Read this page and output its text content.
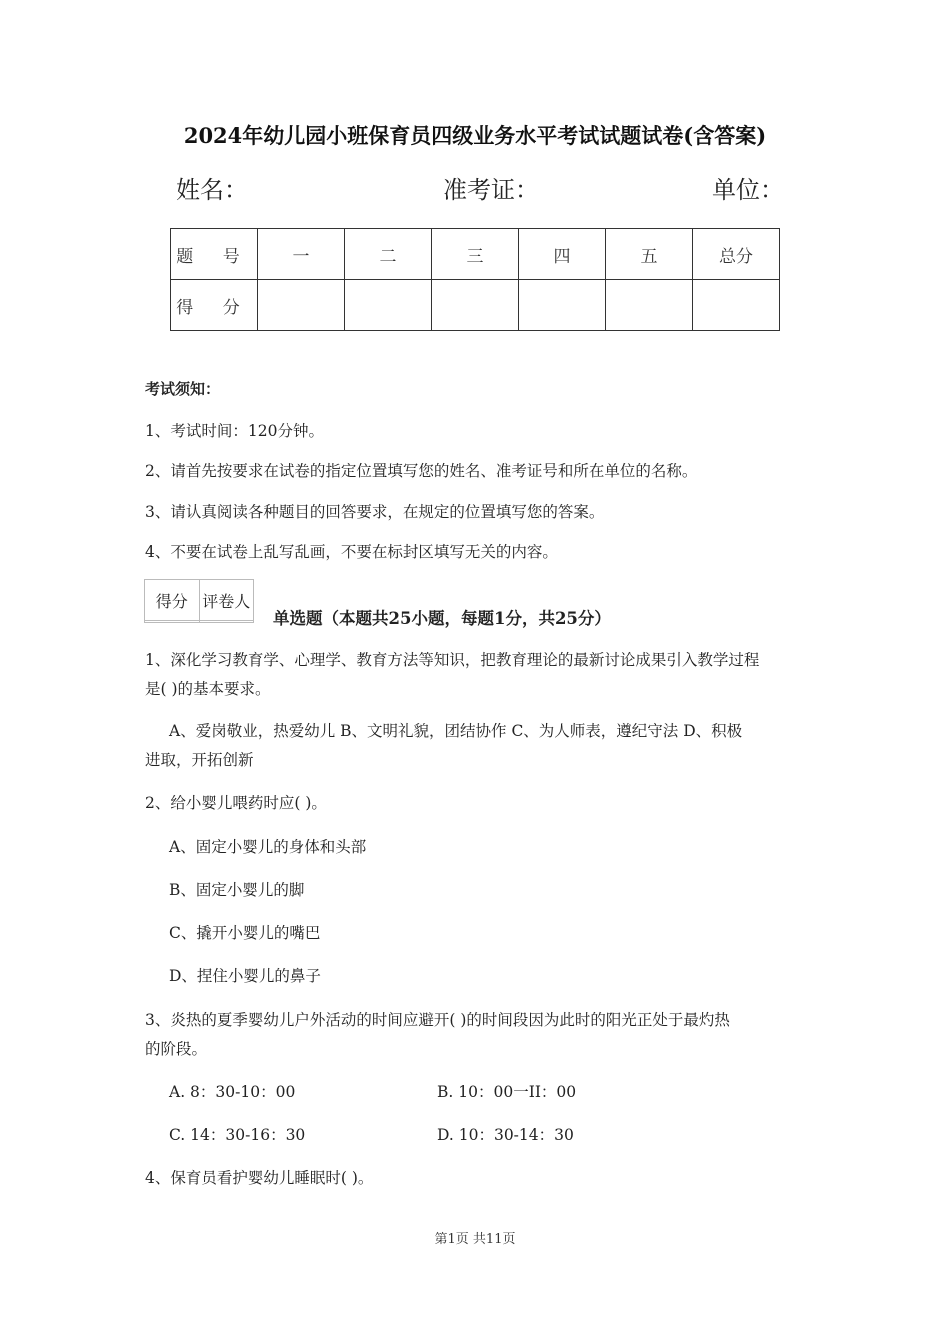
2024年幼儿园小班保育员四级业务水平考试试题试卷(含答案)
姓名：	准考证：	单位：
题 号	一	二	三	四	五	总分
得 分						
考试须知：
1、考试时间：120分钟。
2、请首先按要求在试卷的指定位置填写您的姓名、准考证号和所在单位的名称。
3、请认真阅读各种题目的回答要求，在规定的位置填写您的答案。
4、不要在试卷上乱写乱画，不要在标封区填写无关的内容。
得分	评卷人

单选题（本题共25小题，每题1分，共25分）
1、深化学习教育学、心理学、教育方法等知识，把教育理论的最新讨论成果引入教学过程
是( )的基本要求。
A、爱岗敬业，热爱幼儿 B、文明礼貌，团结协作 C、为人师表，遵纪守法 D、积极
进取，开拓创新
2、给小婴儿喂药时应( )。
A、固定小婴儿的身体和头部
B、固定小婴儿的脚
C、撬开小婴儿的嘴巴
D、捏住小婴儿的鼻子
3、炎热的夏季婴幼儿户外活动的时间应避开( )的时间段因为此时的阳光正处于最灼热
的阶段。
A. 8：30-10：00	B. 10：00一II：00
C. 14：30-16：30	D. 10：30-14：30
4、保育员看护婴幼儿睡眠时( )。
第1页 共11页
